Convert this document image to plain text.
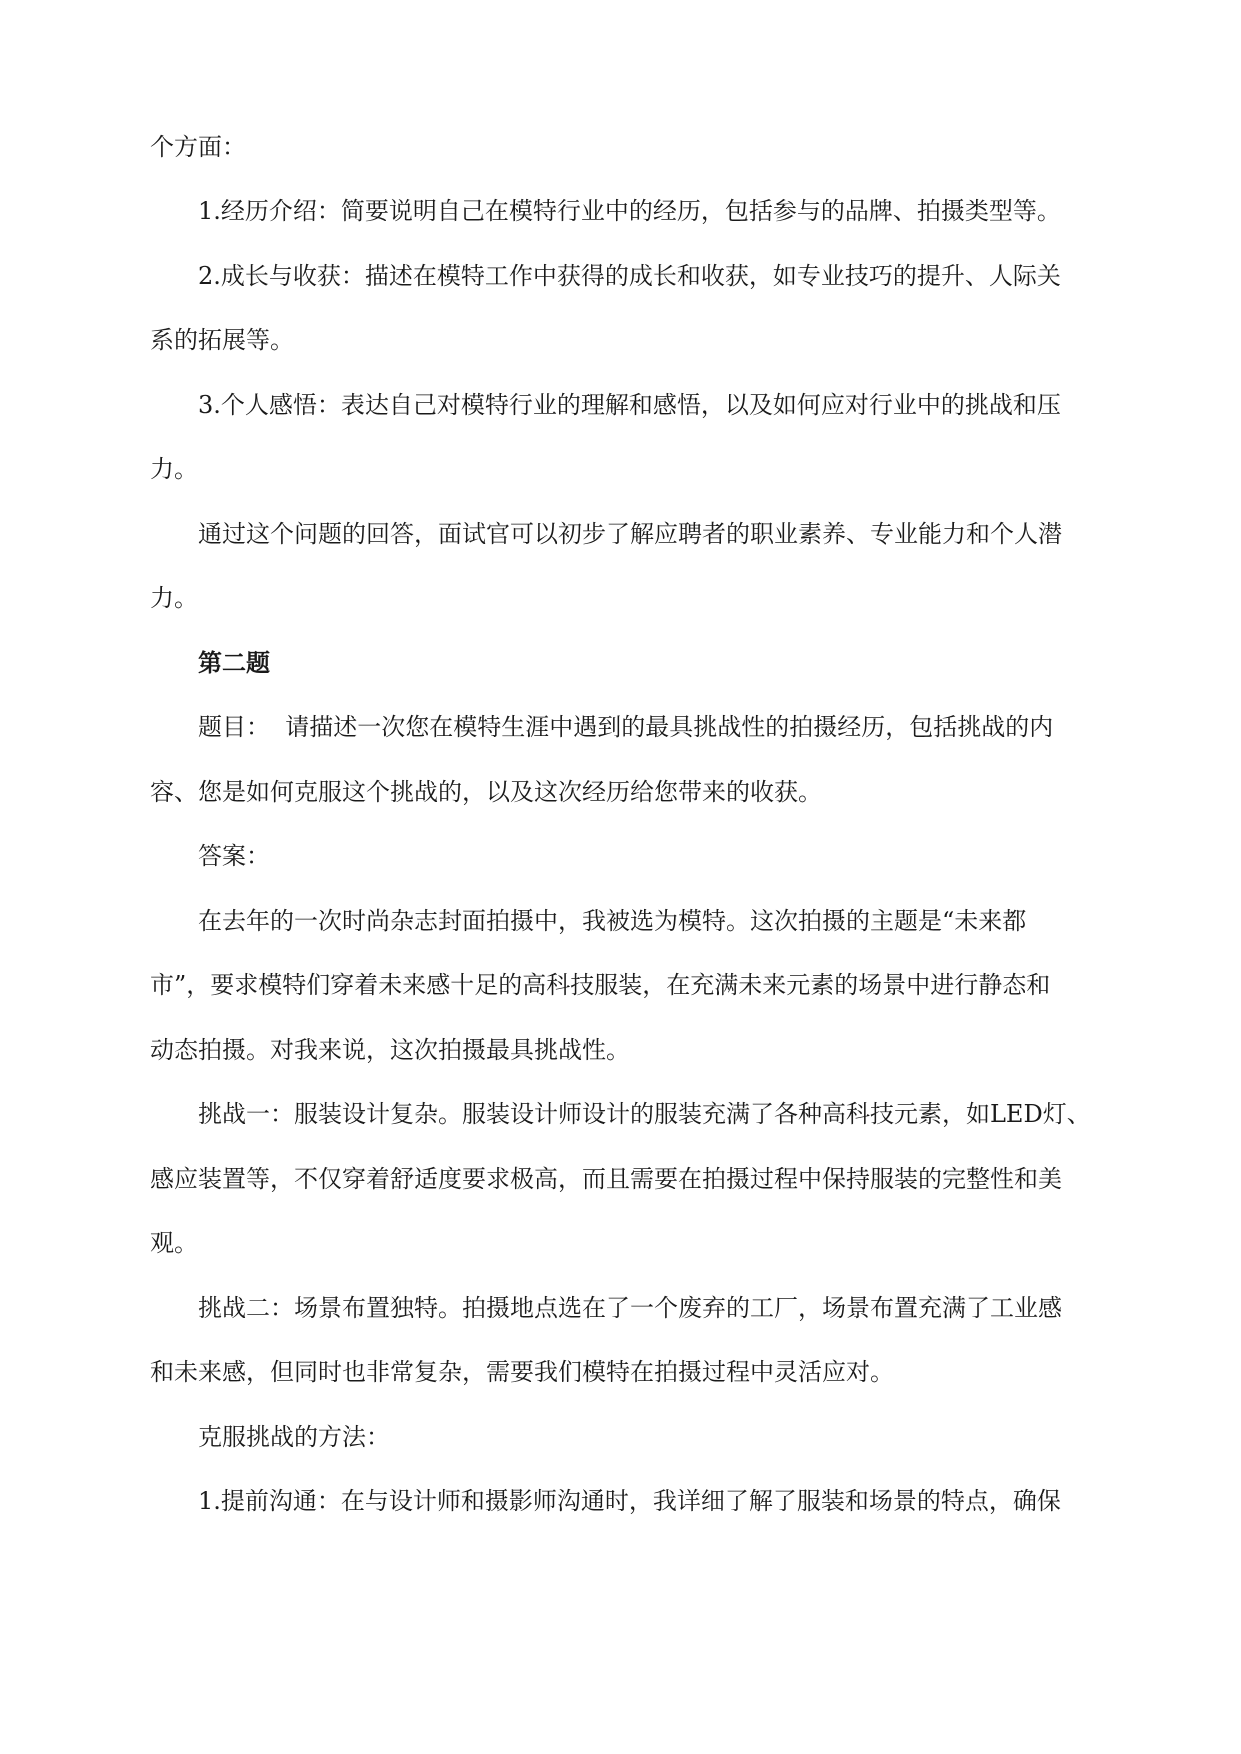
个方面：

1.经历介绍：简要说明自己在模特行业中的经历，包括参与的品牌、拍摄类型等。

2.成长与收获：描述在模特工作中获得的成长和收获，如专业技巧的提升、人际关

系的拓展等。

3.个人感悟：表达自己对模特行业的理解和感悟，以及如何应对行业中的挑战和压

力。

通过这个问题的回答，面试官可以初步了解应聘者的职业素养、专业能力和个人潜

力。

第二题

题目：  请描述一次您在模特生涯中遇到的最具挑战性的拍摄经历，包括挑战的内

容、您是如何克服这个挑战的，以及这次经历给您带来的收获。

答案：

在去年的一次时尚杂志封面拍摄中，我被选为模特。这次拍摄的主题是“未来都

市”，要求模特们穿着未来感十足的高科技服装，在充满未来元素的场景中进行静态和

动态拍摄。对我来说，这次拍摄最具挑战性。

挑战一：服装设计复杂。服装设计师设计的服装充满了各种高科技元素，如LED灯、

感应装置等，不仅穿着舒适度要求极高，而且需要在拍摄过程中保持服装的完整性和美

观。

挑战二：场景布置独特。拍摄地点选在了一个废弃的工厂，场景布置充满了工业感

和未来感，但同时也非常复杂，需要我们模特在拍摄过程中灵活应对。

克服挑战的方法：

1.提前沟通：在与设计师和摄影师沟通时，我详细了解了服装和场景的特点，确保
